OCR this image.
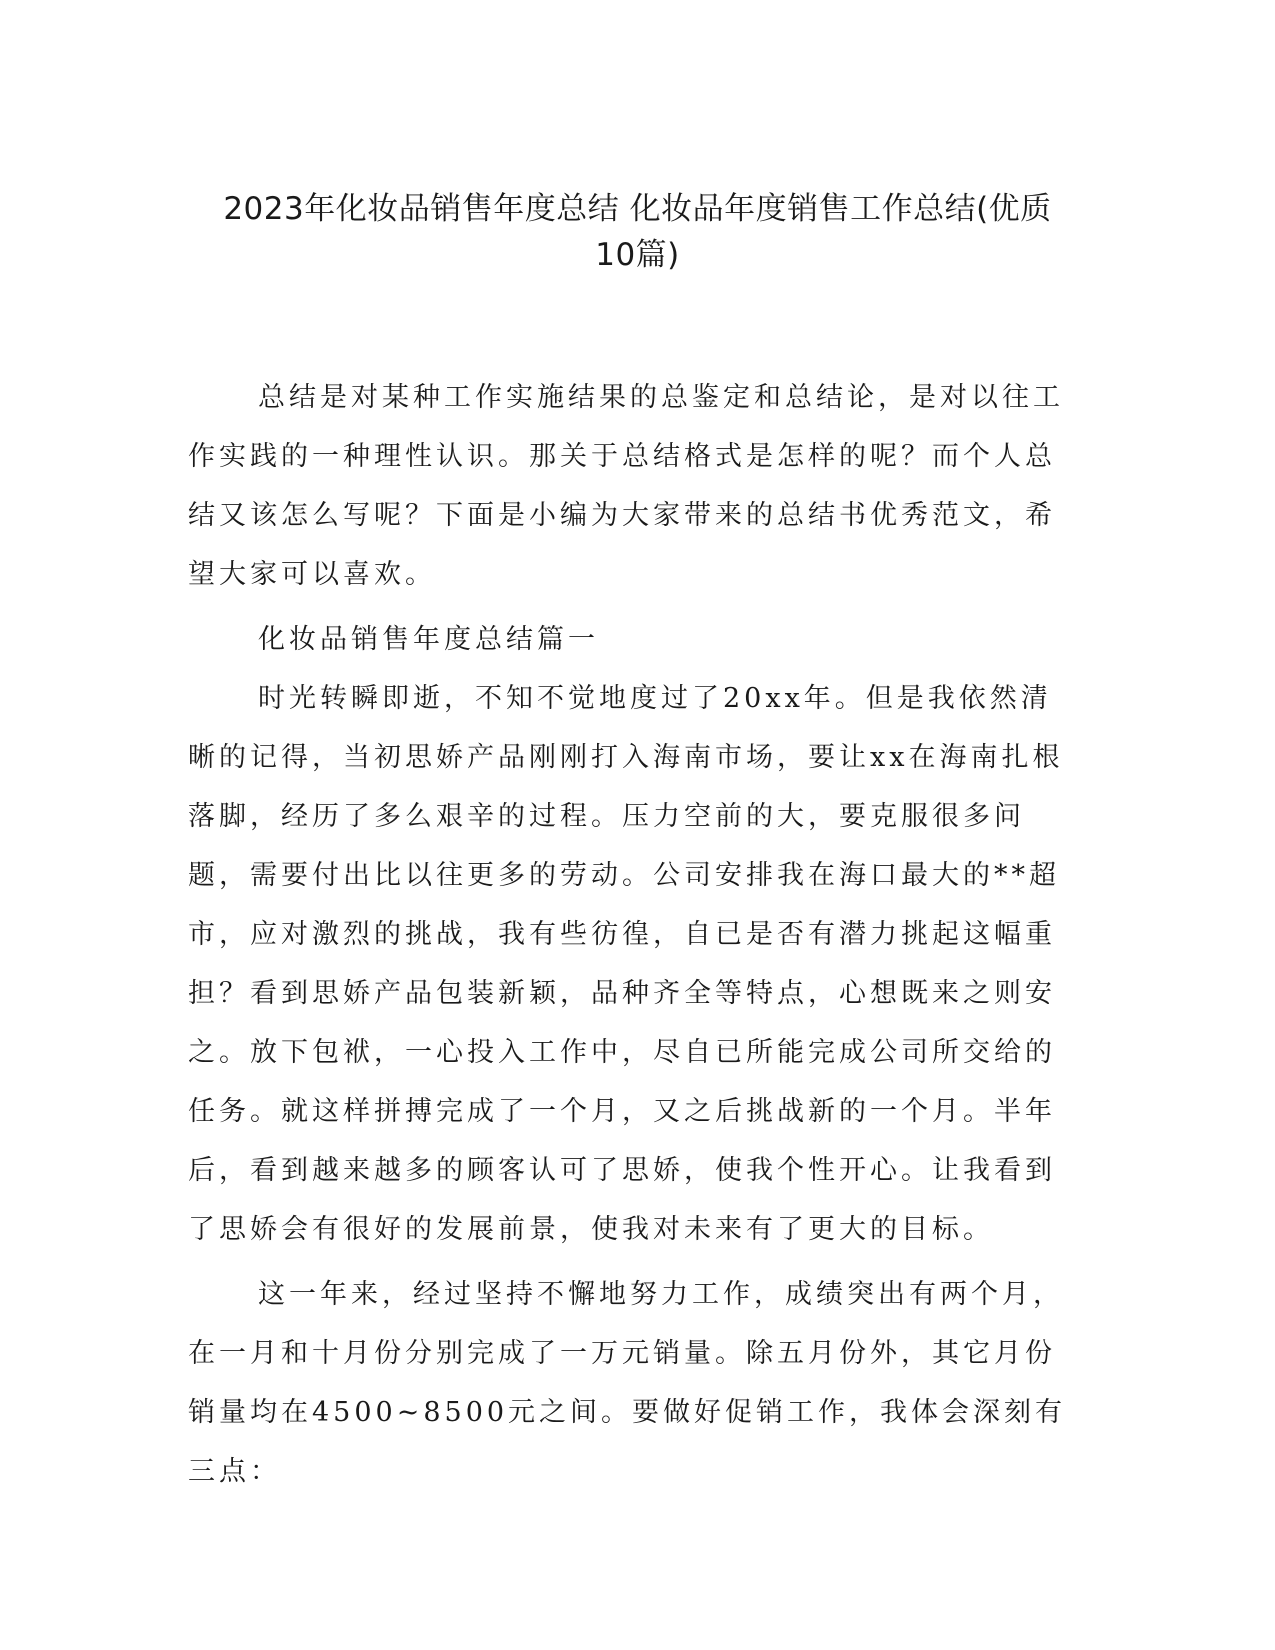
2023年化妆品销售年度总结 化妆品年度销售工作总结(优质
10篇)

总结是对某种工作实施结果的总鉴定和总结论，是对以往工作实践的一种理性认识。那关于总结格式是怎样的呢？而个人总结又该怎么写呢？下面是小编为大家带来的总结书优秀范文，希望大家可以喜欢。

化妆品销售年度总结篇一

时光转瞬即逝，不知不觉地度过了20xx年。但是我依然清晰的记得，当初思娇产品刚刚打入海南市场，要让xx在海南扎根落脚，经历了多么艰辛的过程。压力空前的大，要克服很多问题，需要付出比以往更多的劳动。公司安排我在海口最大的**超市，应对激烈的挑战，我有些彷徨，自已是否有潜力挑起这幅重担？看到思娇产品包装新颖，品种齐全等特点，心想既来之则安之。放下包袱，一心投入工作中，尽自已所能完成公司所交给的任务。就这样拼搏完成了一个月，又之后挑战新的一个月。半年后，看到越来越多的顾客认可了思娇，使我个性开心。让我看到了思娇会有很好的发展前景，使我对未来有了更大的目标。

这一年来，经过坚持不懈地努力工作，成绩突出有两个月，在一月和十月份分别完成了一万元销量。除五月份外，其它月份销量均在4500~8500元之间。要做好促销工作，我体会深刻有三点：
